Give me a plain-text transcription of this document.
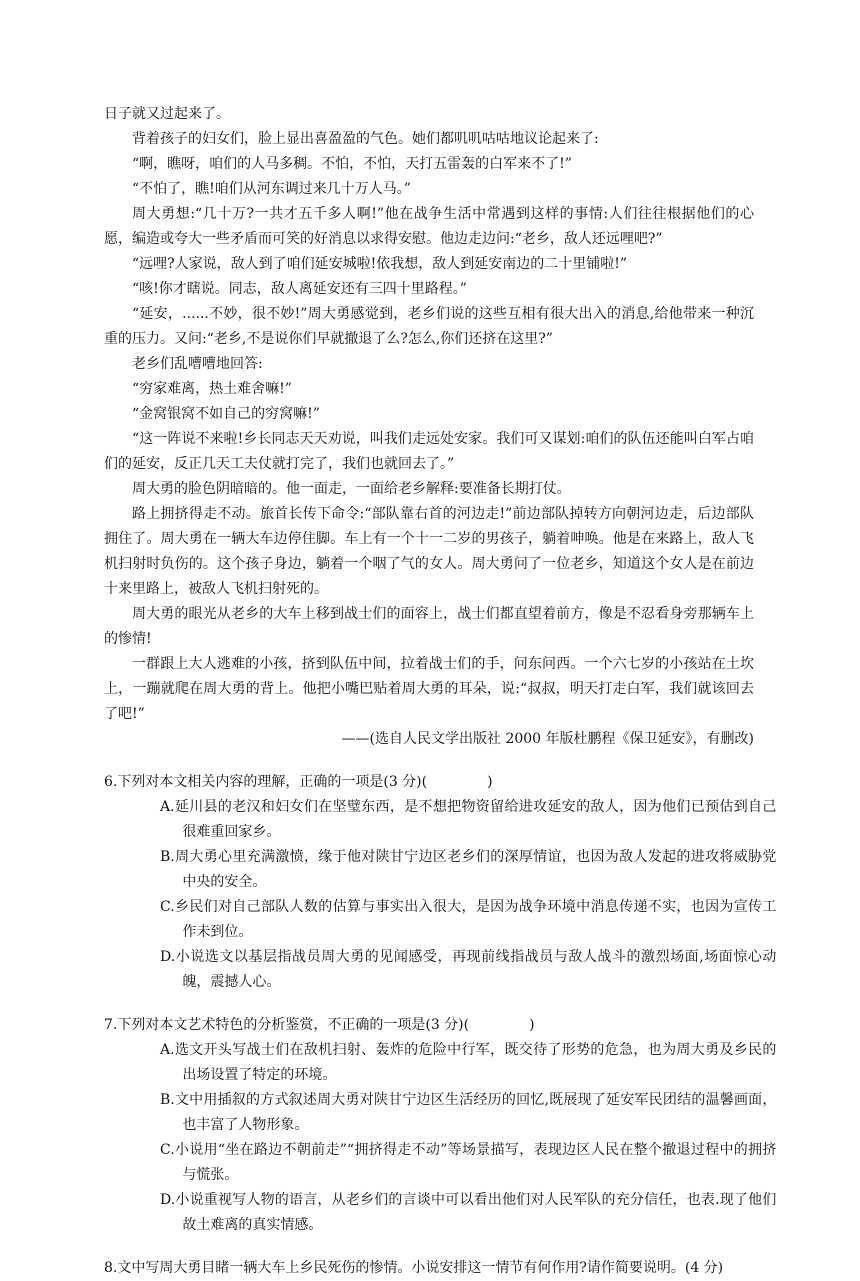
日子就又过起来了。

背着孩子的妇女们，脸上显出喜盈盈的气色。她们都叽叽咕咕地议论起来了:

“啊，瞧呀，咱们的人马多稠。不怕，不怕，天打五雷轰的白军来不了!”

“不怕了，瞧!咱们从河东调过来几十万人马。”

周大勇想:“几十万?一共才五千多人啊!”他在战争生活中常遇到这样的事情:人们往往根据他们的心愿，编造或夸大一些矛盾而可笑的好消息以求得安慰。他边走边问:“老乡，敌人还远哩吧?”

“远哩?人家说，敌人到了咱们延安城啦!依我想，敌人到延安南边的二十里铺啦!”

“咳!你才瞎说。同志，敌人离延安还有三四十里路程。”

“延安，......不妙，很不妙!”周大勇感觉到，老乡们说的这些互相有很大出入的消息,给他带来一种沉重的压力。又问:“老乡,不是说你们早就撤退了么?怎么,你们还挤在这里?”

老乡们乱嘈嘈地回答:

“穷家难离，热土难舍嘛!”

“金窝银窝不如自己的穷窝嘛!”

“这一阵说不来啦!乡长同志天天劝说，叫我们走远处安家。我们可又谋划:咱们的队伍还能叫白军占咱们的延安，反正几天工夫仗就打完了，我们也就回去了。”

周大勇的脸色阴暗暗的。他一面走，一面给老乡解释:要准备长期打仗。

路上拥挤得走不动。旅首长传下命令:“部队靠右首的河边走!”前边部队掉转方向朝河边走，后边部队拥住了。周大勇在一辆大车边停住脚。车上有一个十一二岁的男孩子，躺着呻唤。他是在来路上，敌人飞机扫射时负伤的。这个孩子身边，躺着一个咽了气的女人。周大勇问了一位老乡，知道这个女人是在前边十来里路上，被敌人飞机扫射死的。

周大勇的眼光从老乡的大车上移到战士们的面容上，战士们都直望着前方，像是不忍看身旁那辆车上的惨情!

一群跟上大人逃难的小孩，挤到队伍中间，拉着战士们的手，问东问西。一个六七岁的小孩站在土坎上，一蹦就爬在周大勇的背上。他把小嘴巴贴着周大勇的耳朵，说:“叔叔，明天打走白军，我们就该回去了吧!”

——(选自人民文学出版社 2000 年版杜鹏程《保卫延安》，有删改)
6.下列对本文相关内容的理解，正确的一项是(3 分)(	)

A.延川县的老汉和妇女们在坚璧东西，是不想把物资留给进攻延安的敌人，因为他们已预估到自己很难重回家乡。

B.周大勇心里充满激愤，缘于他对陕甘宁边区老乡们的深厚情谊，也因为敌人发起的进攻将威胁党中央的安全。

C.乡民们对自己部队人数的估算与事实出入很大，是因为战争环境中消息传递不实，也因为宣传工作未到位。

D.小说选文以基层指战员周大勇的见闻感受，再现前线指战员与敌人战斗的激烈场面,场面惊心动魄，震撼人心。

7.下列对本文艺术特色的分析鉴赏，不正确的一项是(3 分)(	)

A.选文开头写战士们在敌机扫射、轰炸的危险中行军，既交待了形势的危急，也为周大勇及乡民的出场设置了特定的环境。

B.文中用插叙的方式叙述周大勇对陕甘宁边区生活经历的回忆,既展现了延安军民团结的温馨画面，也丰富了人物形象。

C.小说用“坐在路边不朝前走”“拥挤得走不动”等场景描写，表现边区人民在整个撤退过程中的拥挤与慌张。

D.小说重视写人物的语言，从老乡们的言谈中可以看出他们对人民军队的充分信任，也表.现了他们故土难离的真实情感。

8.文中写周大勇目睹一辆大车上乡民死伤的惨情。小说安排这一情节有何作用?请作简要说明。(4 分)
